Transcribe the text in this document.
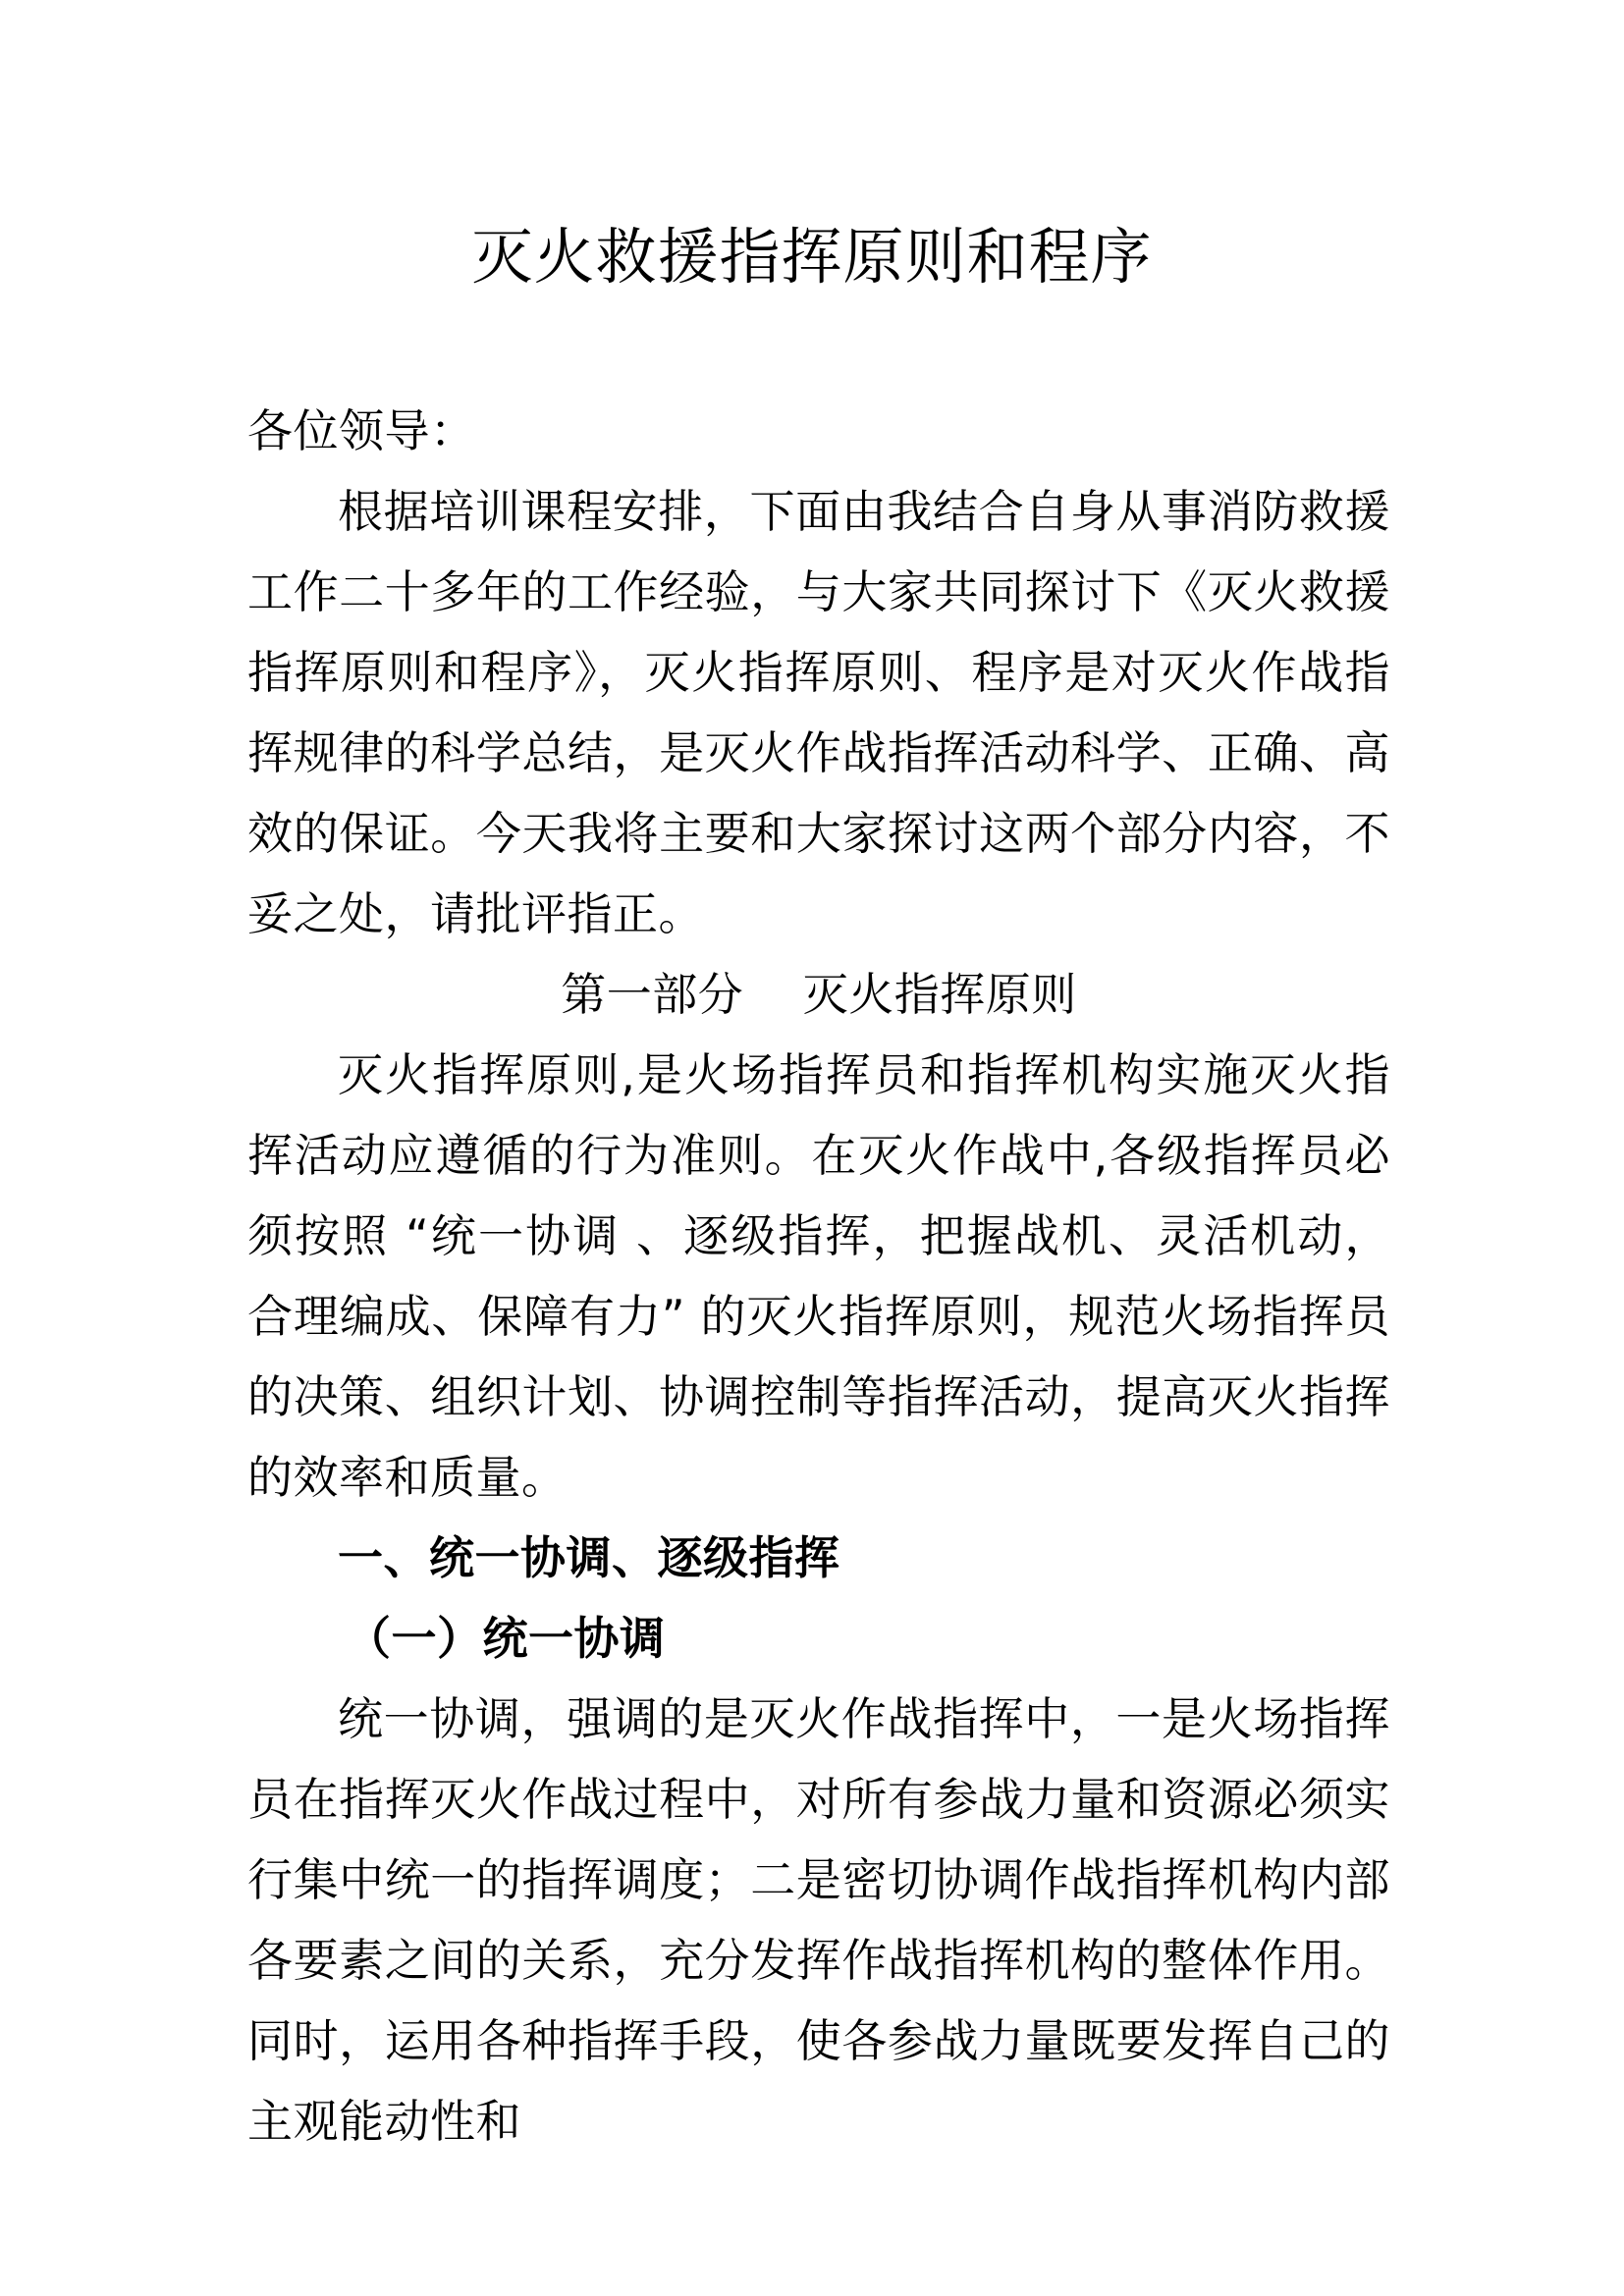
灭火救援指挥原则和程序

各位领导：

根据培训课程安排，下面由我结合自身从事消防救援工作二十多年的工作经验，与大家共同探讨下《灭火救援指挥原则和程序》，灭火指挥原则、程序是对灭火作战指挥规律的科学总结，是灭火作战指挥活动科学、正确、高效的保证。今天我将主要和大家探讨这两个部分内容，不妥之处，请批评指正。

第一部分    灭火指挥原则

灭火指挥原则,是火场指挥员和指挥机构实施灭火指挥活动应遵循的行为准则。在灭火作战中,各级指挥员必须按照 “统一协调 、逐级指挥，把握战机、灵活机动，合理编成、保障有力” 的灭火指挥原则，规范火场指挥员的决策、组织计划、协调控制等指挥活动，提高灭火指挥的效率和质量。

一、统一协调、逐级指挥

（一）统一协调

统一协调，强调的是灭火作战指挥中，一是火场指挥员在指挥灭火作战过程中，对所有参战力量和资源必须实行集中统一的指挥调度；二是密切协调作战指挥机构内部各要素之间的关系，充分发挥作战指挥机构的整体作用。同时，运用各种指挥手段，使各参战力量既要发挥自己的主观能动性和
